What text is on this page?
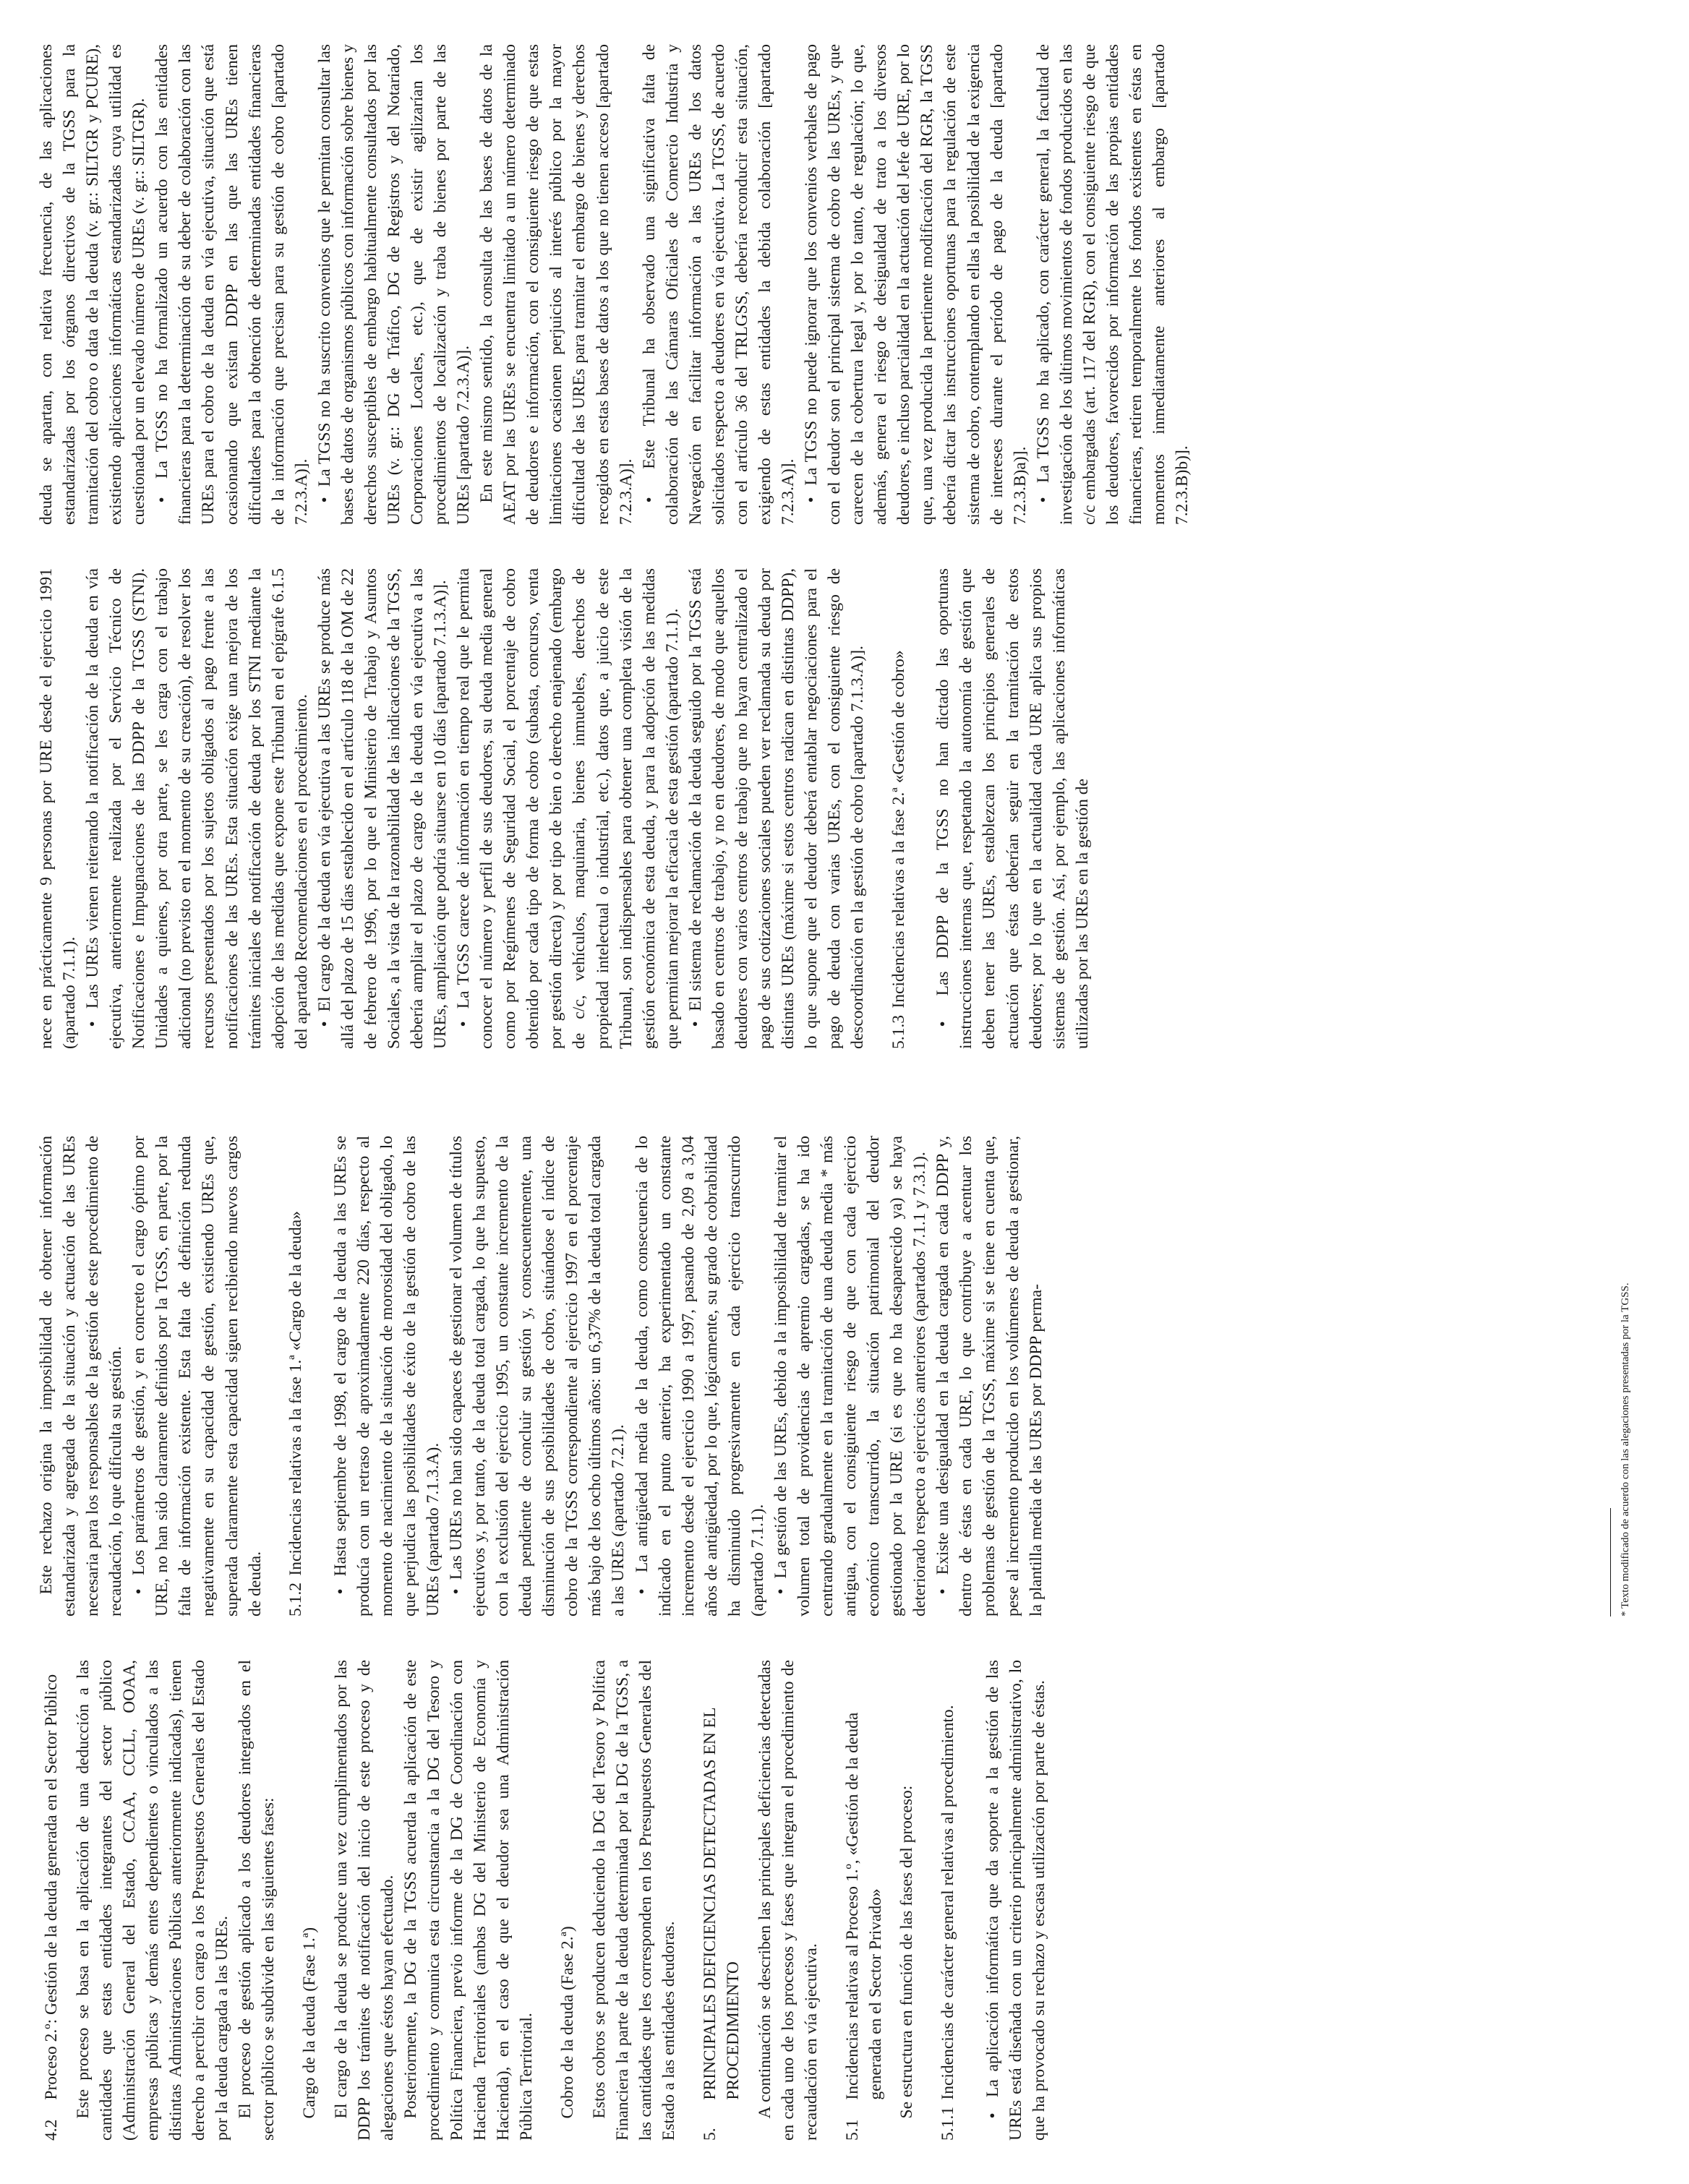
4.2
Proceso 2.º: Gestión de la deuda generada en el Sector Público Este proceso se basa en la aplicación de una deducción a las cantidades que estas entidades integrantes del sector público (Administración General del Estado, CCAA, CCLL, OOAA, empresas públicas y demás entes dependientes o vinculados a las distintas Administraciones Públicas anteriormente indicadas), tienen derecho a percibir con cargo a los Presupuestos Generales del Estado por la deuda cargada a las UREs. El proceso de gestión aplicado a los deudores integrados en el sector público se subdivide en las siguientes fases: Cargo de la deuda (Fase 1.ª) El cargo de la deuda se produce una vez cumplimentados por las DDPP los trámites de notificación del inicio de este proceso y de alegaciones que éstos hayan efectuado. Posteriormente, la DG de la TGSS acuerda la aplicación de este procedimiento y comunica esta circunstancia a la DG del Tesoro y Política Financiera, previo informe de la DG de Coordinación con Hacienda Territoriales (ambas DG del Ministerio de Economía y Hacienda), en el caso de que el deudor sea una Administración Pública Territorial. Cobro de la deuda (Fase 2.ª) Estos cobros se producen deduciendo la DG del Tesoro y Política Financiera la parte de la deuda determinada por la DG de la TGSS, a las cantidades que les corresponden en los Presupuestos Generales del Estado a las entidades deudoras. 5.
PRINCIPALES DEFICIENCIAS DETECTADAS EN EL PROCEDIMIENTO A continuación se describen las principales deficiencias detectadas en cada uno de los procesos y fases que integran el procedimiento de recaudación en vía ejecutiva. 5.1
Incidencias relativas al Proceso 1.º, «Gestión de la deuda generada en el Sector Privado» Se estructura en función de las fases del proceso:

5.1.1
Incidencias de carácter general relativas al procedimiento. •  La aplicación informática que da soporte a la gestión de las UREs está diseñada con un criterio principalmente administrativo, lo que ha provocado su rechazo y escasa utilización por parte de éstas.

Este rechazo origina la imposibilidad de obtener información estandarizada y agregada de la situación y actuación de las UREs necesaria para los responsables de la gestión de este procedimiento de recaudación, lo que dificulta su gestión. •  Los parámetros de gestión, y en concreto el cargo óptimo por URE, no han sido claramente definidos por la TGSS, en parte, por la falta de información existente. Esta falta de definición redunda negativamente en su capacidad de gestión, existiendo UREs que, superada claramente esta capacidad siguen recibiendo nuevos cargos de deuda. 5.1.2
Incidencias relativas a la fase 1.ª «Cargo de la deuda» •  Hasta septiembre de 1998, el cargo de la deuda a las UREs se producía con un retraso de aproximadamente 220 días, respecto al momento de nacimiento de la situación de morosidad del obligado, lo que perjudica las posibilidades de éxito de la gestión de cobro de las UREs (apartado 7.1.3.A). •  Las UREs no han sido capaces de gestionar el volumen de títulos ejecutivos y, por tanto, de la deuda total cargada, lo que ha supuesto, con la exclusión del ejercicio 1995, un constante incremento de la deuda pendiente de concluir su gestión y, consecuentemente, una disminución de sus posibilidades de cobro, situándose el índice de cobro de la TGSS correspondiente al ejercicio 1997 en el porcentaje más bajo de los ocho últimos años: un 6,37% de la deuda total cargada a las UREs (apartado 7.2.1). •  La antigüedad media de la deuda, como consecuencia de lo indicado en el punto anterior, ha experimentado un constante incremento desde el ejercicio 1990 a 1997, pasando de 2,09 a 3,04 años de antigüedad, por lo que, lógicamente, su grado de cobrabilidad ha disminuido progresivamente en cada ejercicio transcurrido (apartado 7.1.1). •  La gestión de las UREs, debido a la imposibilidad de tramitar el volumen total de providencias de apremio cargadas, se ha ido centrando gradualmente en la tramitación de una deuda media * más antigua, con el consiguiente riesgo de que con cada ejercicio económico transcurrido, la situación patrimonial del deudor gestionado por la URE (si es que no ha desaparecido ya) se haya deteriorado respecto a ejercicios anteriores (apartados 7.1.1 y 7.3.1). •  Existe una desigualdad en la deuda cargada en cada DDPP y, dentro de éstas en cada URE, lo que contribuye a acentuar los problemas de gestión de la TGSS, máxime si se tiene en cuenta que, pese al incremento producido en los volúmenes de deuda a gestionar, la plantilla media de las UREs por DDPP perma-	* Texto modificado de acuerdo con las alegaciones presentadas por la TGSS.

nece en prácticamente 9 personas por URE desde el ejercicio 1991 (apartado 7.1.1). •  Las UREs vienen reiterando la notificación de la deuda en vía ejecutiva, anteriormente realizada por el Servicio Técnico de Notificaciones e Impugnaciones de las DDPP de la TGSS (STNI). Unidades a quienes, por otra parte, se les carga con el trabajo adicional (no previsto en el momento de su creación), de resolver los recursos presentados por los sujetos obligados al pago frente a las notificaciones de las UREs. Esta situación exige una mejora de los trámites iniciales de notificación de deuda por los STNI mediante la adopción de las medidas que expone este Tribunal en el epígrafe 6.1.5 del apartado Recomendaciones en el procedimiento. •  El cargo de la deuda en vía ejecutiva a las UREs se produce más allá del plazo de 15 días establecido en el artículo 118 de la OM de 22 de febrero de 1996, por lo que el Ministerio de Trabajo y Asuntos Sociales, a la vista de la razonabilidad de las indicaciones de la TGSS, debería ampliar el plazo de cargo de la deuda en vía ejecutiva a las UREs, ampliación que podría situarse en 10 días [apartado 7.1.3.A)]. •  La TGSS carece de información en tiempo real que le permita conocer el número y perfil de sus deudores, su deuda media general como por Regímenes de Seguridad Social, el porcentaje de cobro obtenido por cada tipo de forma de cobro (subasta, concurso, venta por gestión directa) y por tipo de bien o derecho enajenado (embargo de c/c, vehículos, maquinaria, bienes inmuebles, derechos de propiedad intelectual o industrial, etc.), datos que, a juicio de este Tribunal, son indispensables para obtener una completa visión de la gestión económica de esta deuda, y para la adopción de las medidas que permitan mejorar la eficacia de esta gestión (apartado 7.1.1). •  El sistema de reclamación de la deuda seguido por la TGSS está basado en centros de trabajo, y no en deudores, de modo que aquellos deudores con varios centros de trabajo que no hayan centralizado el pago de sus cotizaciones sociales pueden ver reclamada su deuda por distintas UREs (máxime si estos centros radican en distintas DDPP), lo que supone que el deudor deberá entablar negociaciones para el pago de deuda con varias UREs, con el consiguiente riesgo de descoordinación en la gestión de cobro [apartado 7.1.3.A)]. 5.1.3
Incidencias relativas a la fase 2.ª «Gestión de cobro» •  Las DDPP de la TGSS no han dictado las oportunas instrucciones internas que, respetando la autonomía de gestión que deben tener las UREs, establezcan los principios generales de actuación que éstas deberían seguir en la tramitación de estos deudores; por lo que en la actualidad cada URE aplica sus propios sistemas de gestión. Así, por ejemplo, las aplicaciones informáticas utilizadas por las UREs en la gestión de

deuda se apartan, con relativa frecuencia, de las aplicaciones estandarizadas por los órganos directivos de la TGSS para la tramitación del cobro o data de la deuda (v. gr.: SILTGR y PCURE), existiendo aplicaciones informáticas estandarizadas cuya utilidad es cuestionada por un elevado número de UREs (v. gr.: SILTGR). •  La TGSS no ha formalizado un acuerdo con las entidades financieras para la determinación de su deber de colaboración con las UREs para el cobro de la deuda en vía ejecutiva, situación que está ocasionando que existan DDPP en las que las UREs tienen dificultades para la obtención de determinadas entidades financieras de la información que precisan para su gestión de cobro [apartado 7.2.3.A)].

•  La TGSS no ha suscrito convenios que le permitan consultar las bases de datos de organismos públicos con información sobre bienes y derechos susceptibles de embargo habitualmente consultados por las UREs (v. gr.: DG de Tráfico, DG de Registros y del Notariado, Corporaciones Locales, etc.), que de existir agilizarían los procedimientos de localización y traba de bienes por parte de las UREs [apartado 7.2.3.A)]. En este mismo sentido, la consulta de las bases de datos de la AEAT por las UREs se encuentra limitado a un número determinado de deudores e información, con el consiguiente riesgo de que estas limitaciones ocasionen perjuicios al interés público por la mayor dificultad de las UREs para tramitar el embargo de bienes y derechos recogidos en estas bases de datos a los que no tienen acceso [apartado 7.2.3.A)].

•  Este Tribunal ha observado una significativa falta de colaboración de las Cámaras Oficiales de Comercio Industria y Navegación en facilitar información a las UREs de los datos solicitados respecto a deudores en vía ejecutiva. La TGSS, de acuerdo con el artículo 36 del TRLGSS, debería reconducir esta situación, exigiendo de estas entidades la debida colaboración [apartado 7.2.3.A)].

•  La TGSS no puede ignorar que los convenios verbales de pago con el deudor son el principal sistema de cobro de las UREs, y que carecen de la cobertura legal y, por lo tanto, de regulación; lo que, además, genera el riesgo de desigualdad de trato a los diversos deudores, e incluso parcialidad en la actuación del Jefe de URE, por lo que, una vez producida la pertinente modificación del RGR, la TGSS debería dictar las instrucciones oportunas para la regulación de este sistema de cobro, contemplando en ellas la posibilidad de la exigencia de intereses durante el período de pago de la deuda [apartado 7.2.3.B)a)].

•  La TGSS no ha aplicado, con carácter general, la facultad de investigación de los últimos movimientos de fondos producidos en las c/c embargadas (art. 117 del RGR), con el consiguiente riesgo de que los deudores, favorecidos por información de las propias entidades financieras, retiren temporalmente los fondos existentes en éstas en momentos inmediatamente anteriores al embargo [apartado 7.2.3.B)b)].
